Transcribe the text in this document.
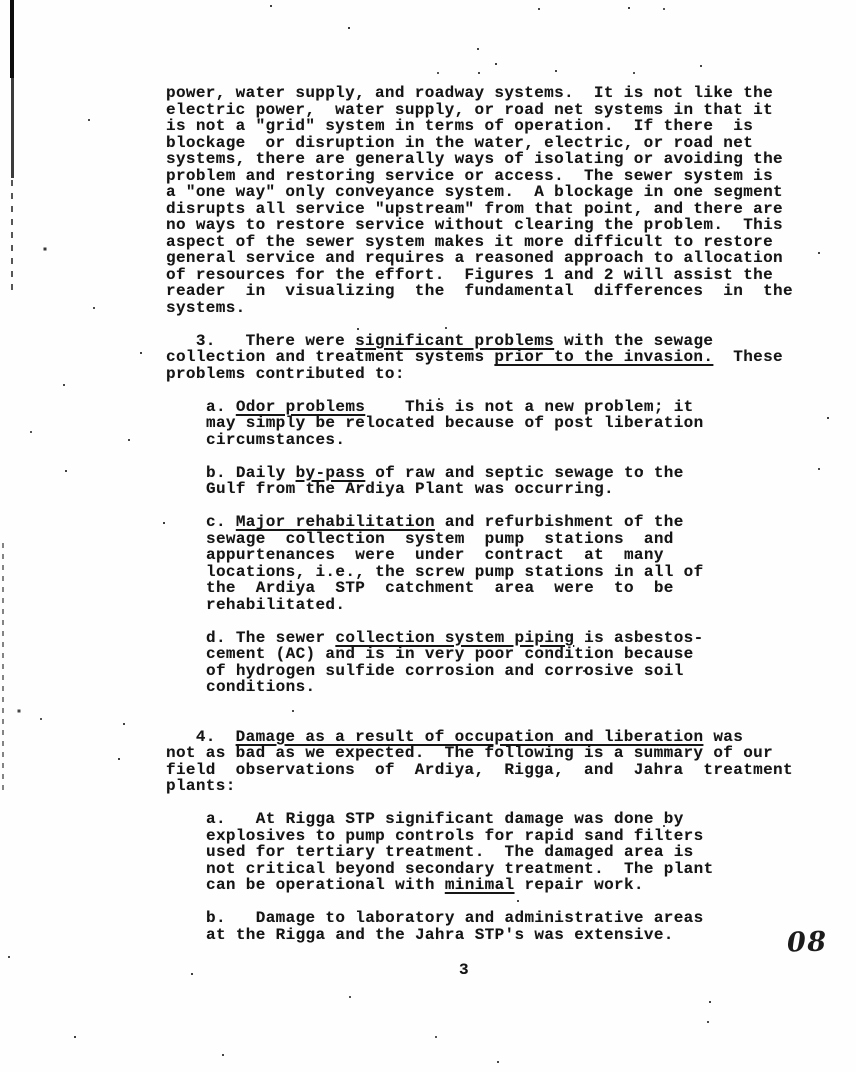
power, water supply, and roadway systems.  It is not like the
electric power,  water supply, or road net systems in that it
is not a "grid" system in terms of operation.  If there  is
blockage  or disruption in the water, electric, or road net
systems, there are generally ways of isolating or avoiding the
problem and restoring service or access.  The sewer system is
a "one way" only conveyance system.  A blockage in one segment
disrupts all service "upstream" from that point, and there are
no ways to restore service without clearing the problem.  This
aspect of the sewer system makes it more difficult to restore
general service and requires a reasoned approach to allocation
of resources for the effort.  Figures 1 and 2 will assist the
reader  in  visualizing  the  fundamental  differences  in  the
systems.
3.   There were significant problems with the sewage
collection and treatment systems prior to the invasion.  These
problems contributed to:
a. Odor problems    This is not a new problem; it
may simply be relocated because of post liberation
circumstances.
b. Daily by-pass of raw and septic sewage to the
Gulf from the Ardiya Plant was occurring.
c. Major rehabilitation and refurbishment of the
sewage  collection  system  pump  stations  and
appurtenances  were  under  contract  at  many
locations, i.e., the screw pump stations in all of
the  Ardiya  STP  catchment  area  were  to  be
rehabilitated.
d. The sewer collection system piping is asbestos-
cement (AC) and is in very poor condition because
of hydrogen sulfide corrosion and corrosive soil
conditions.
4.  Damage as a result of occupation and liberation was
not as bad as we expected.  The following is a summary of our
field  observations  of  Ardiya,  Rigga,  and  Jahra  treatment
plants:
a.   At Rigga STP significant damage was done by
explosives to pump controls for rapid sand filters
used for tertiary treatment.  The damaged area is
not critical beyond secondary treatment.  The plant
can be operational with minimal repair work.
b.   Damage to laboratory and administrative areas
at the Rigga and the Jahra STP's was extensive.
3
08
